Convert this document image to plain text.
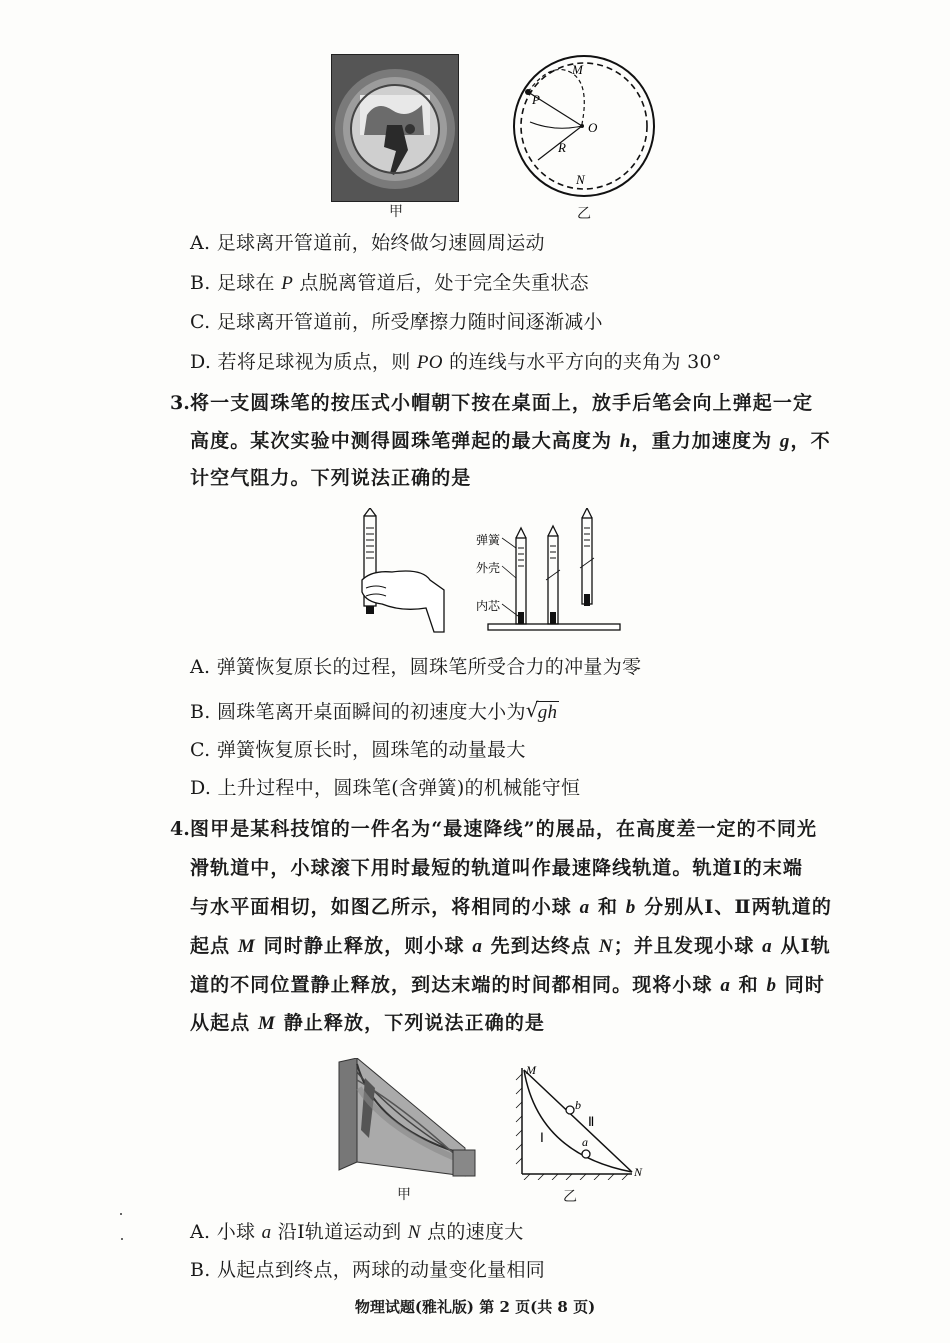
M
P
O
R
N
甲	乙
A. 足球离开管道前，始终做匀速圆周运动
B. 足球在 P 点脱离管道后，处于完全失重状态
C. 足球离开管道前，所受摩擦力随时间逐渐减小
D. 若将足球视为质点，则 PO 的连线与水平方向的夹角为 30°
3. 将一支圆珠笔的按压式小帽朝下按在桌面上，放手后笔会向上弹起一定
高度。某次实验中测得圆珠笔弹起的最大高度为 h，重力加速度为 g，不
计空气阻力。下列说法正确的是
弹簧
外壳
内芯
A. 弹簧恢复原长的过程，圆珠笔所受合力的冲量为零
B. 圆珠笔离开桌面瞬间的初速度大小为 √
gh
C. 弹簧恢复原长时，圆珠笔的动量最大
D. 上升过程中，圆珠笔(含弹簧)的机械能守恒
4. 图甲是某科技馆的一件名为“最速降线”的展品，在高度差一定的不同光
滑轨道中，小球滚下用时最短的轨道叫作最速降线轨道。轨道Ⅰ的末端
与水平面相切，如图乙所示，将相同的小球 a 和 b 分别从Ⅰ、Ⅱ两轨道的
起点 M 同时静止释放，则小球 a 先到达终点 N；并且发现小球 a 从Ⅰ轨
道的不同位置静止释放，到达末端的时间都相同。现将小球 a 和 b 同时
从起点 M 静止释放，下列说法正确的是
M
N
b
a
Ⅰ
Ⅱ
甲	乙
A. 小球 a 沿Ⅰ轨道运动到 N 点的速度大
B. 从起点到终点，两球的动量变化量相同
物理试题(雅礼版) 第 2 页(共 8 页)
